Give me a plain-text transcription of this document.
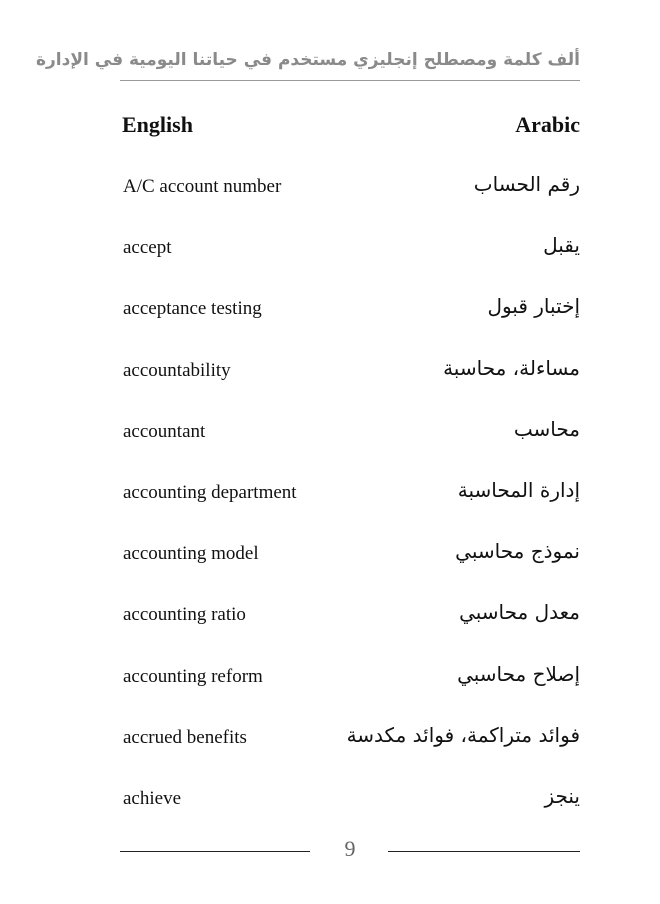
ألف كلمة ومصطلح إنجليزي مستخدم في حياتنا اليومية في الإدارة
English	Arabic
A/C account number	رقم الحساب
accept	يقبل
acceptance testing	إختبار قبول
accountability	مساءلة، محاسبة
accountant	محاسب
accounting department	إدارة المحاسبة
accounting model	نموذج محاسبي
accounting ratio	معدل محاسبي
accounting reform	إصلاح محاسبي
accrued benefits	فوائد متراكمة، فوائد مكدسة
achieve	ينجز
9
